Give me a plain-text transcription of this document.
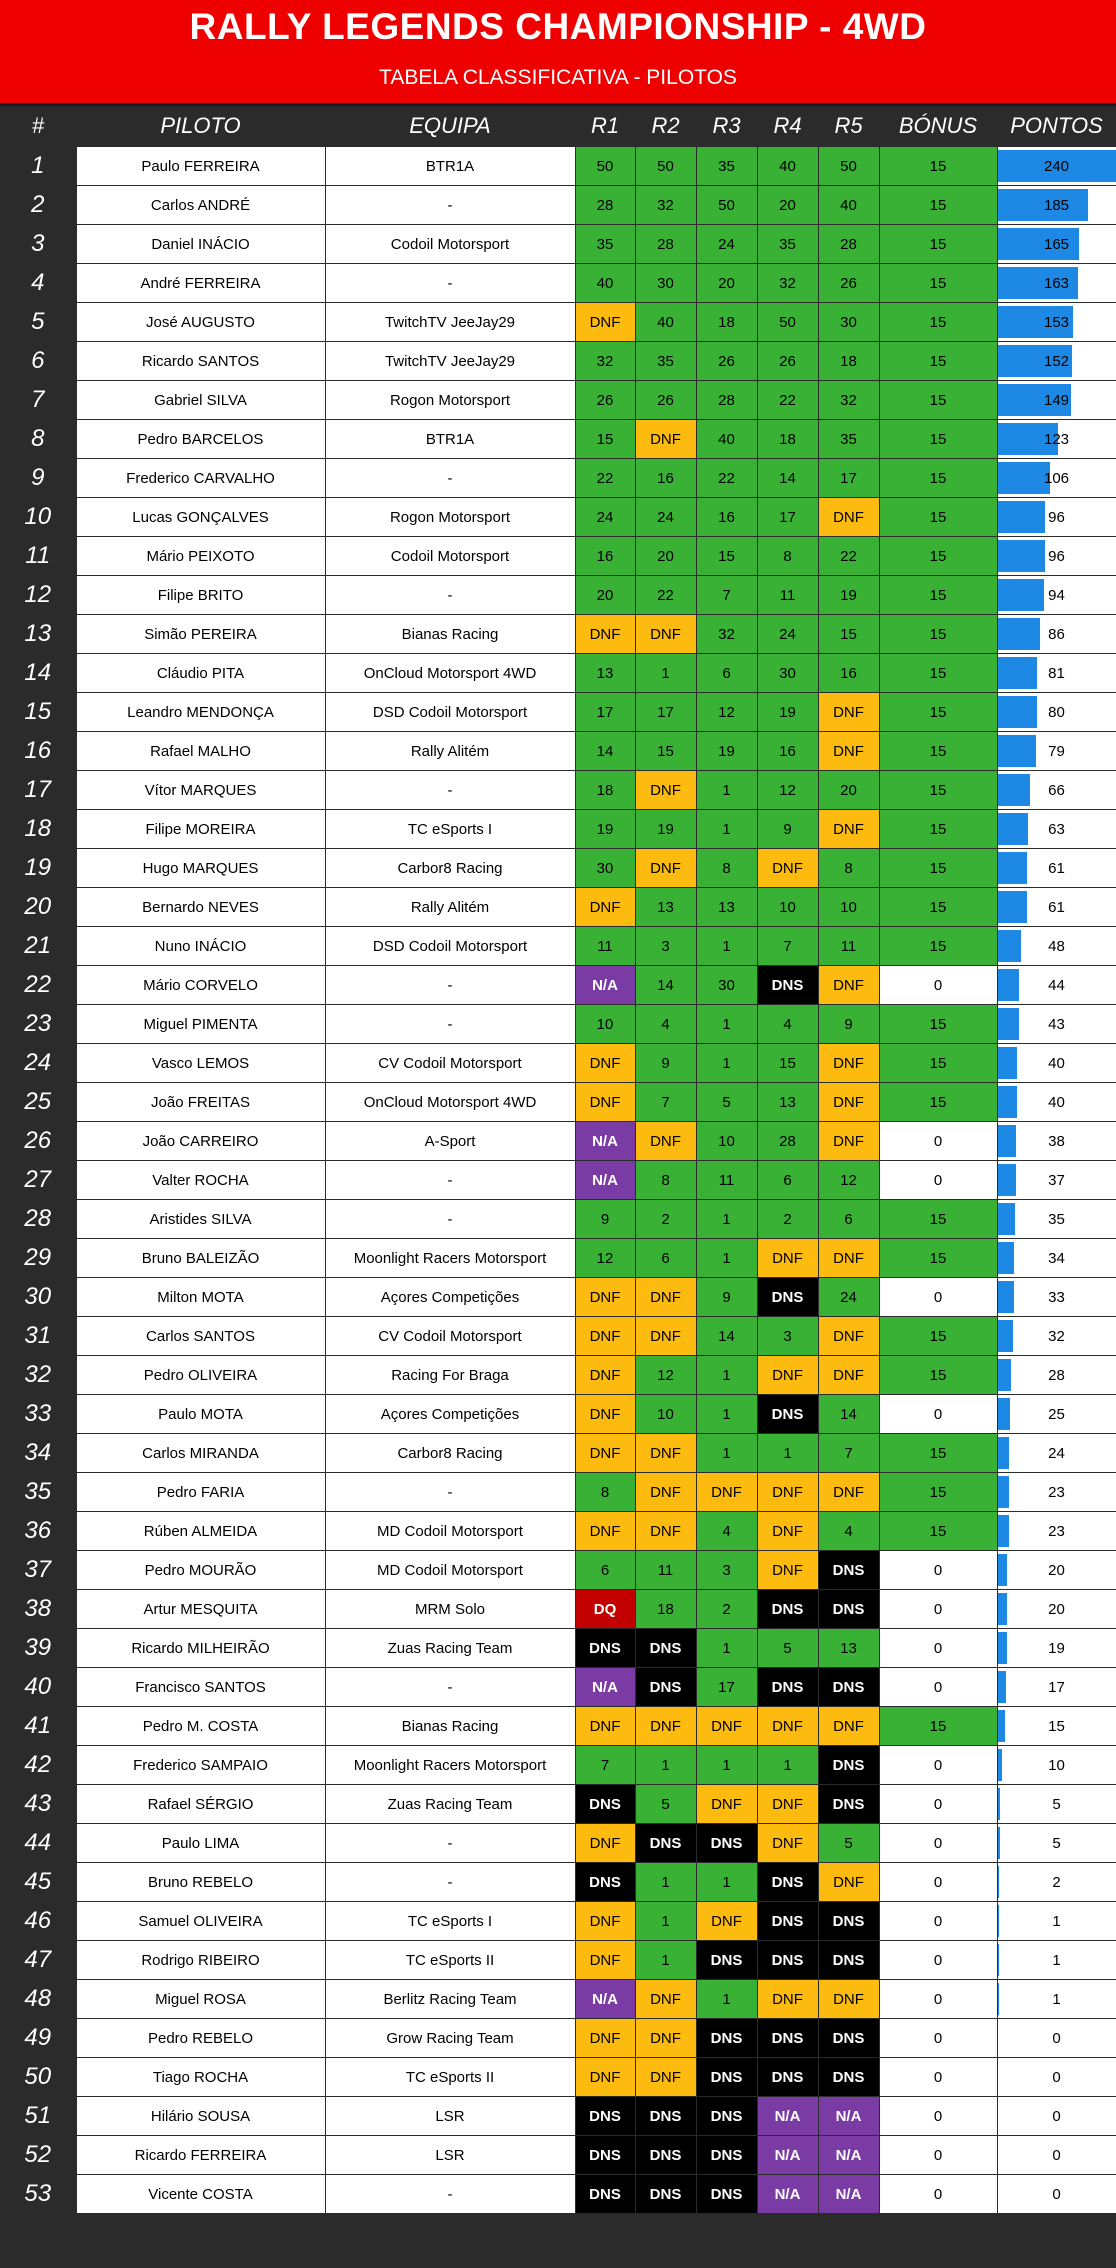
RALLY LEGENDS CHAMPIONSHIP - 4WD
TABELA CLASSIFICATIVA - PILOTOS
#	PILOTO	EQUIPA	R1	R2	R3	R4	R5	BÓNUS	PONTOS
1	Paulo FERREIRA	BTR1A	50	50	35	40	50	15	240
2	Carlos ANDRÉ	-	28	32	50	20	40	15	185
3	Daniel INÁCIO	Codoil Motorsport	35	28	24	35	28	15	165
4	André FERREIRA	-	40	30	20	32	26	15	163
5	José AUGUSTO	TwitchTV JeeJay29	DNF	40	18	50	30	15	153
6	Ricardo SANTOS	TwitchTV JeeJay29	32	35	26	26	18	15	152
7	Gabriel SILVA	Rogon Motorsport	26	26	28	22	32	15	149
8	Pedro BARCELOS	BTR1A	15	DNF	40	18	35	15	123
9	Frederico CARVALHO	-	22	16	22	14	17	15	106
10	Lucas GONÇALVES	Rogon Motorsport	24	24	16	17	DNF	15	96
11	Mário PEIXOTO	Codoil Motorsport	16	20	15	8	22	15	96
12	Filipe BRITO	-	20	22	7	11	19	15	94
13	Simão PEREIRA	Bianas Racing	DNF	DNF	32	24	15	15	86
14	Cláudio PITA	OnCloud Motorsport 4WD	13	1	6	30	16	15	81
15	Leandro MENDONÇA	DSD Codoil Motorsport	17	17	12	19	DNF	15	80
16	Rafael MALHO	Rally Alitém	14	15	19	16	DNF	15	79
17	Vítor MARQUES	-	18	DNF	1	12	20	15	66
18	Filipe MOREIRA	TC eSports I	19	19	1	9	DNF	15	63
19	Hugo MARQUES	Carbor8 Racing	30	DNF	8	DNF	8	15	61
20	Bernardo NEVES	Rally Alitém	DNF	13	13	10	10	15	61
21	Nuno INÁCIO	DSD Codoil Motorsport	11	3	1	7	11	15	48
22	Mário CORVELO	-	N/A	14	30	DNS	DNF	0	44
23	Miguel PIMENTA	-	10	4	1	4	9	15	43
24	Vasco LEMOS	CV Codoil Motorsport	DNF	9	1	15	DNF	15	40
25	João FREITAS	OnCloud Motorsport 4WD	DNF	7	5	13	DNF	15	40
26	João CARREIRO	A-Sport	N/A	DNF	10	28	DNF	0	38
27	Valter ROCHA	-	N/A	8	11	6	12	0	37
28	Aristides SILVA	-	9	2	1	2	6	15	35
29	Bruno BALEIZÃO	Moonlight Racers Motorsport	12	6	1	DNF	DNF	15	34
30	Milton MOTA	Açores Competições	DNF	DNF	9	DNS	24	0	33
31	Carlos SANTOS	CV Codoil Motorsport	DNF	DNF	14	3	DNF	15	32
32	Pedro OLIVEIRA	Racing For Braga	DNF	12	1	DNF	DNF	15	28
33	Paulo MOTA	Açores Competições	DNF	10	1	DNS	14	0	25
34	Carlos MIRANDA	Carbor8 Racing	DNF	DNF	1	1	7	15	24
35	Pedro FARIA	-	8	DNF	DNF	DNF	DNF	15	23
36	Rúben ALMEIDA	MD Codoil Motorsport	DNF	DNF	4	DNF	4	15	23
37	Pedro MOURÃO	MD Codoil Motorsport	6	11	3	DNF	DNS	0	20
38	Artur MESQUITA	MRM Solo	DQ	18	2	DNS	DNS	0	20
39	Ricardo MILHEIRÃO	Zuas Racing Team	DNS	DNS	1	5	13	0	19
40	Francisco SANTOS	-	N/A	DNS	17	DNS	DNS	0	17
41	Pedro M. COSTA	Bianas Racing	DNF	DNF	DNF	DNF	DNF	15	15
42	Frederico SAMPAIO	Moonlight Racers Motorsport	7	1	1	1	DNS	0	10
43	Rafael SÉRGIO	Zuas Racing Team	DNS	5	DNF	DNF	DNS	0	5
44	Paulo LIMA	-	DNF	DNS	DNS	DNF	5	0	5
45	Bruno REBELO	-	DNS	1	1	DNS	DNF	0	2
46	Samuel OLIVEIRA	TC eSports I	DNF	1	DNF	DNS	DNS	0	1
47	Rodrigo RIBEIRO	TC eSports II	DNF	1	DNS	DNS	DNS	0	1
48	Miguel ROSA	Berlitz Racing Team	N/A	DNF	1	DNF	DNF	0	1
49	Pedro REBELO	Grow Racing Team	DNF	DNF	DNS	DNS	DNS	0	0
50	Tiago ROCHA	TC eSports II	DNF	DNF	DNS	DNS	DNS	0	0
51	Hilário SOUSA	LSR	DNS	DNS	DNS	N/A	N/A	0	0
52	Ricardo FERREIRA	LSR	DNS	DNS	DNS	N/A	N/A	0	0
53	Vicente COSTA	-	DNS	DNS	DNS	N/A	N/A	0	0
